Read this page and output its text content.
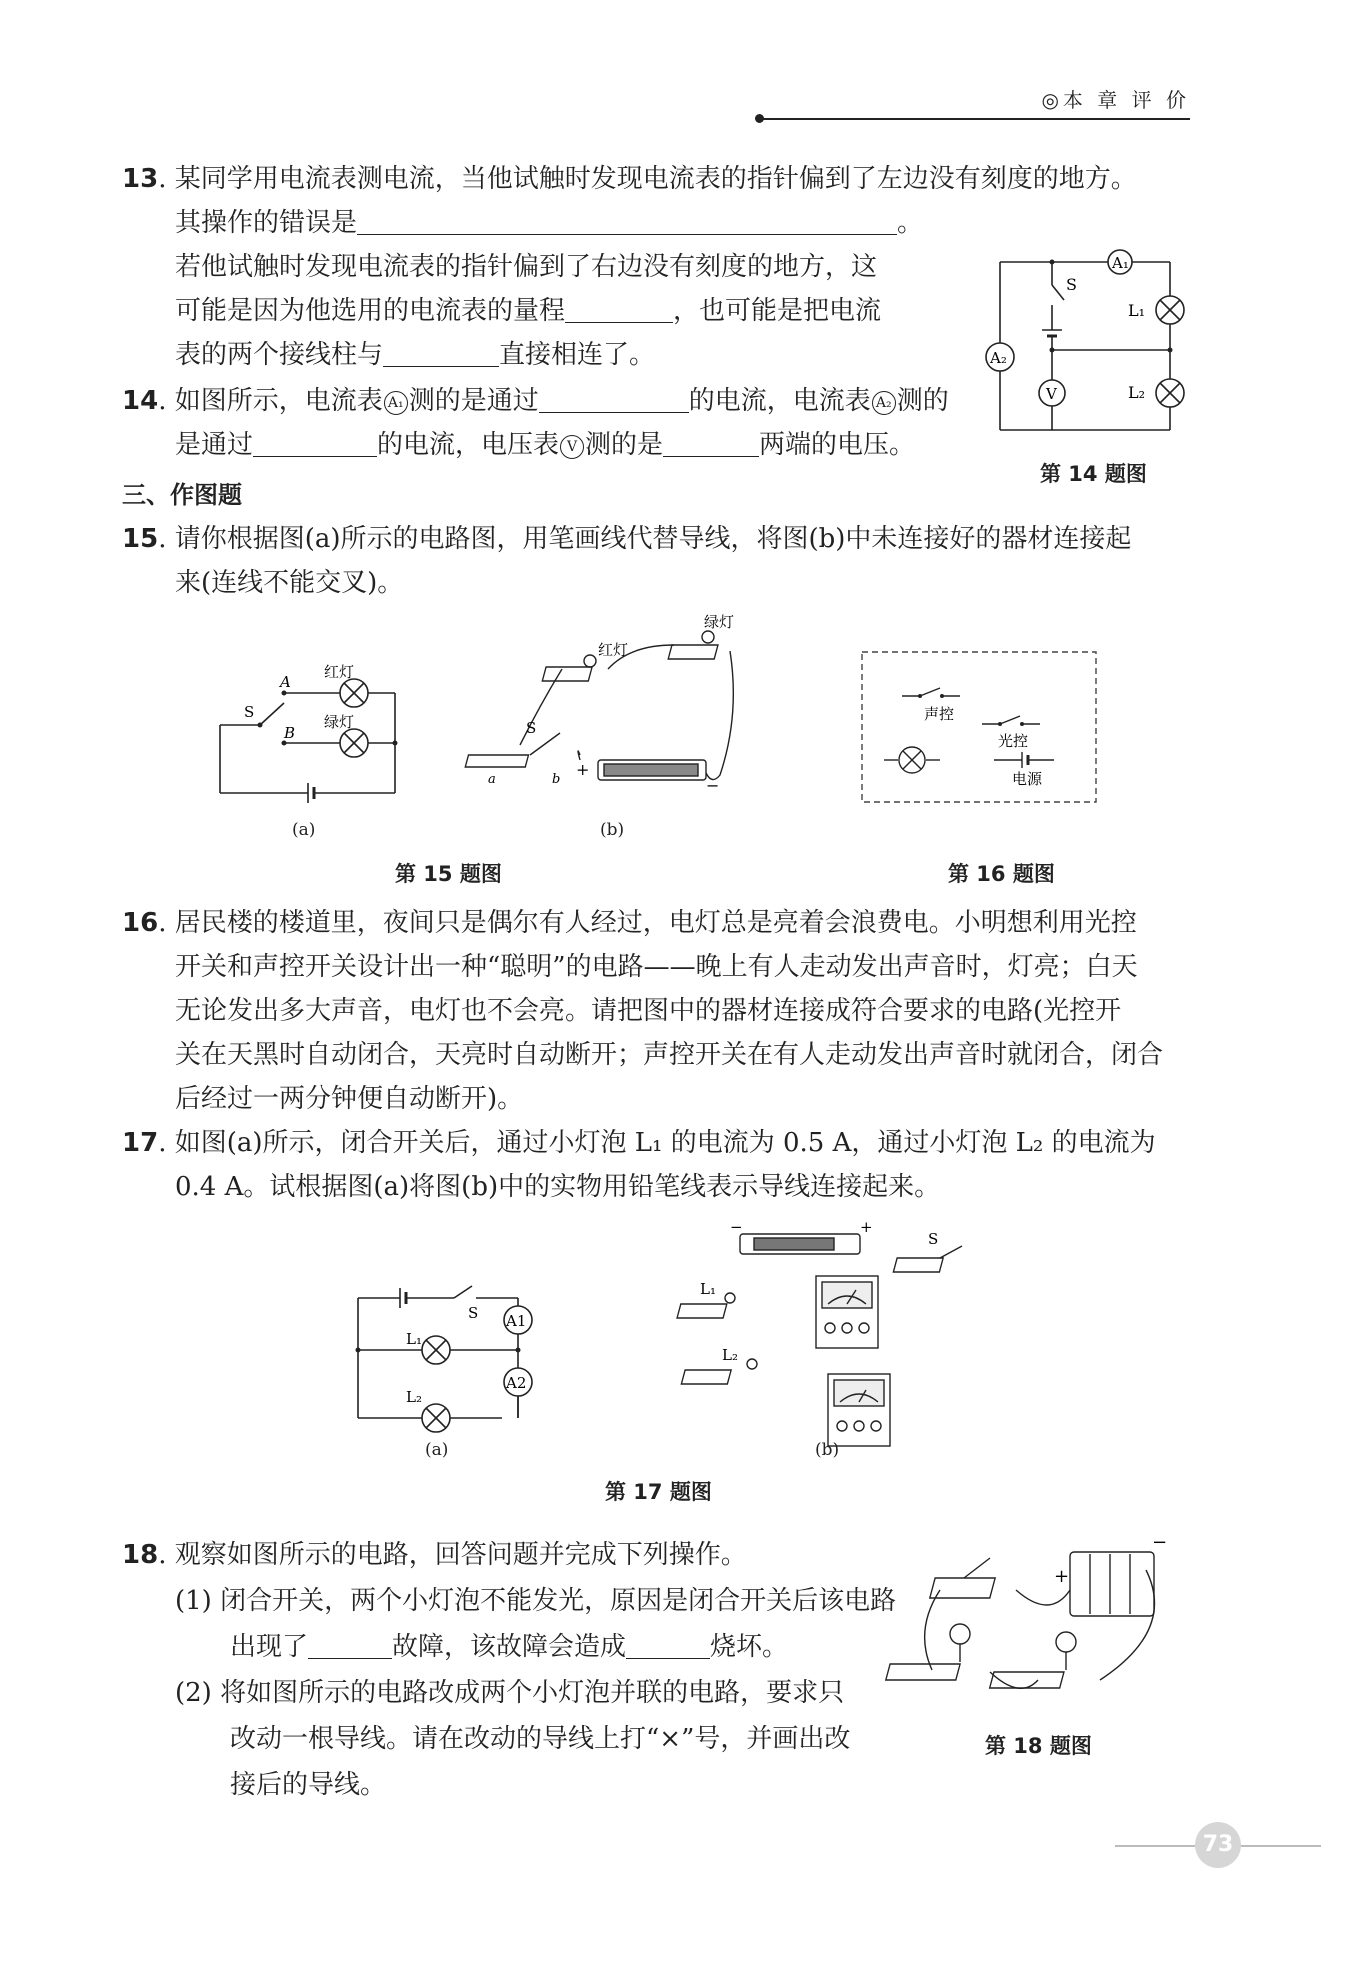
◎本 章 评 价
13. 某同学用电流表测电流，当他试触时发现电流表的指针偏到了左边没有刻度的地方。
其操作的错误是	。
若他试触时发现电流表的指针偏到了右边没有刻度的地方，这
可能是因为他选用的电流表的量程	，也可能是把电流
表的两个接线柱与	直接相连了。
14. 如图所示，电流表 A₁ 测的是通过	的电流，电流表 A₂ 测的
是通过	的电流，电压表 V 测的是	两端的电压。
A₁
A₂
S
L₁
L₂
V
第 14 题图
三、作图题
15. 请你根据图(a)所示的电路图，用笔画线代替导线，将图(b)中未连接好的器材连接起
来(连线不能交叉)。
红灯
绿灯
S
A
B
(a)
红灯
绿灯
S
a	b
+
−
(b)
第 15 题图
声控
光控
电源
第 16 题图
16. 居民楼的楼道里，夜间只是偶尔有人经过，电灯总是亮着会浪费电。小明想利用光控
开关和声控开关设计出一种“聪明”的电路——晚上有人走动发出声音时，灯亮；白天
无论发出多大声音，电灯也不会亮。请把图中的器材连接成符合要求的电路(光控开
关在天黑时自动闭合，天亮时自动断开；声控开关在有人走动发出声音时就闭合，闭合
后经过一两分钟便自动断开)。
17. 如图(a)所示，闭合开关后，通过小灯泡 L₁ 的电流为 0.5 A，通过小灯泡 L₂ 的电流为
0.4 A。试根据图(a)将图(b)中的实物用铅笔线表示导线连接起来。
S A1
A2
L₁
L₂
(a)
−	+
S
L₁
L₂
(b)
第 17 题图
18. 观察如图所示的电路，回答问题并完成下列操作。
(1) 闭合开关，两个小灯泡不能发光，原因是闭合开关后该电路
出现了	故障，该故障会造成	烧坏。
(2) 将如图所示的电路改成两个小灯泡并联的电路，要求只
改动一根导线。请在改动的导线上打“×”号，并画出改
接后的导线。
+
−
第 18 题图
73
